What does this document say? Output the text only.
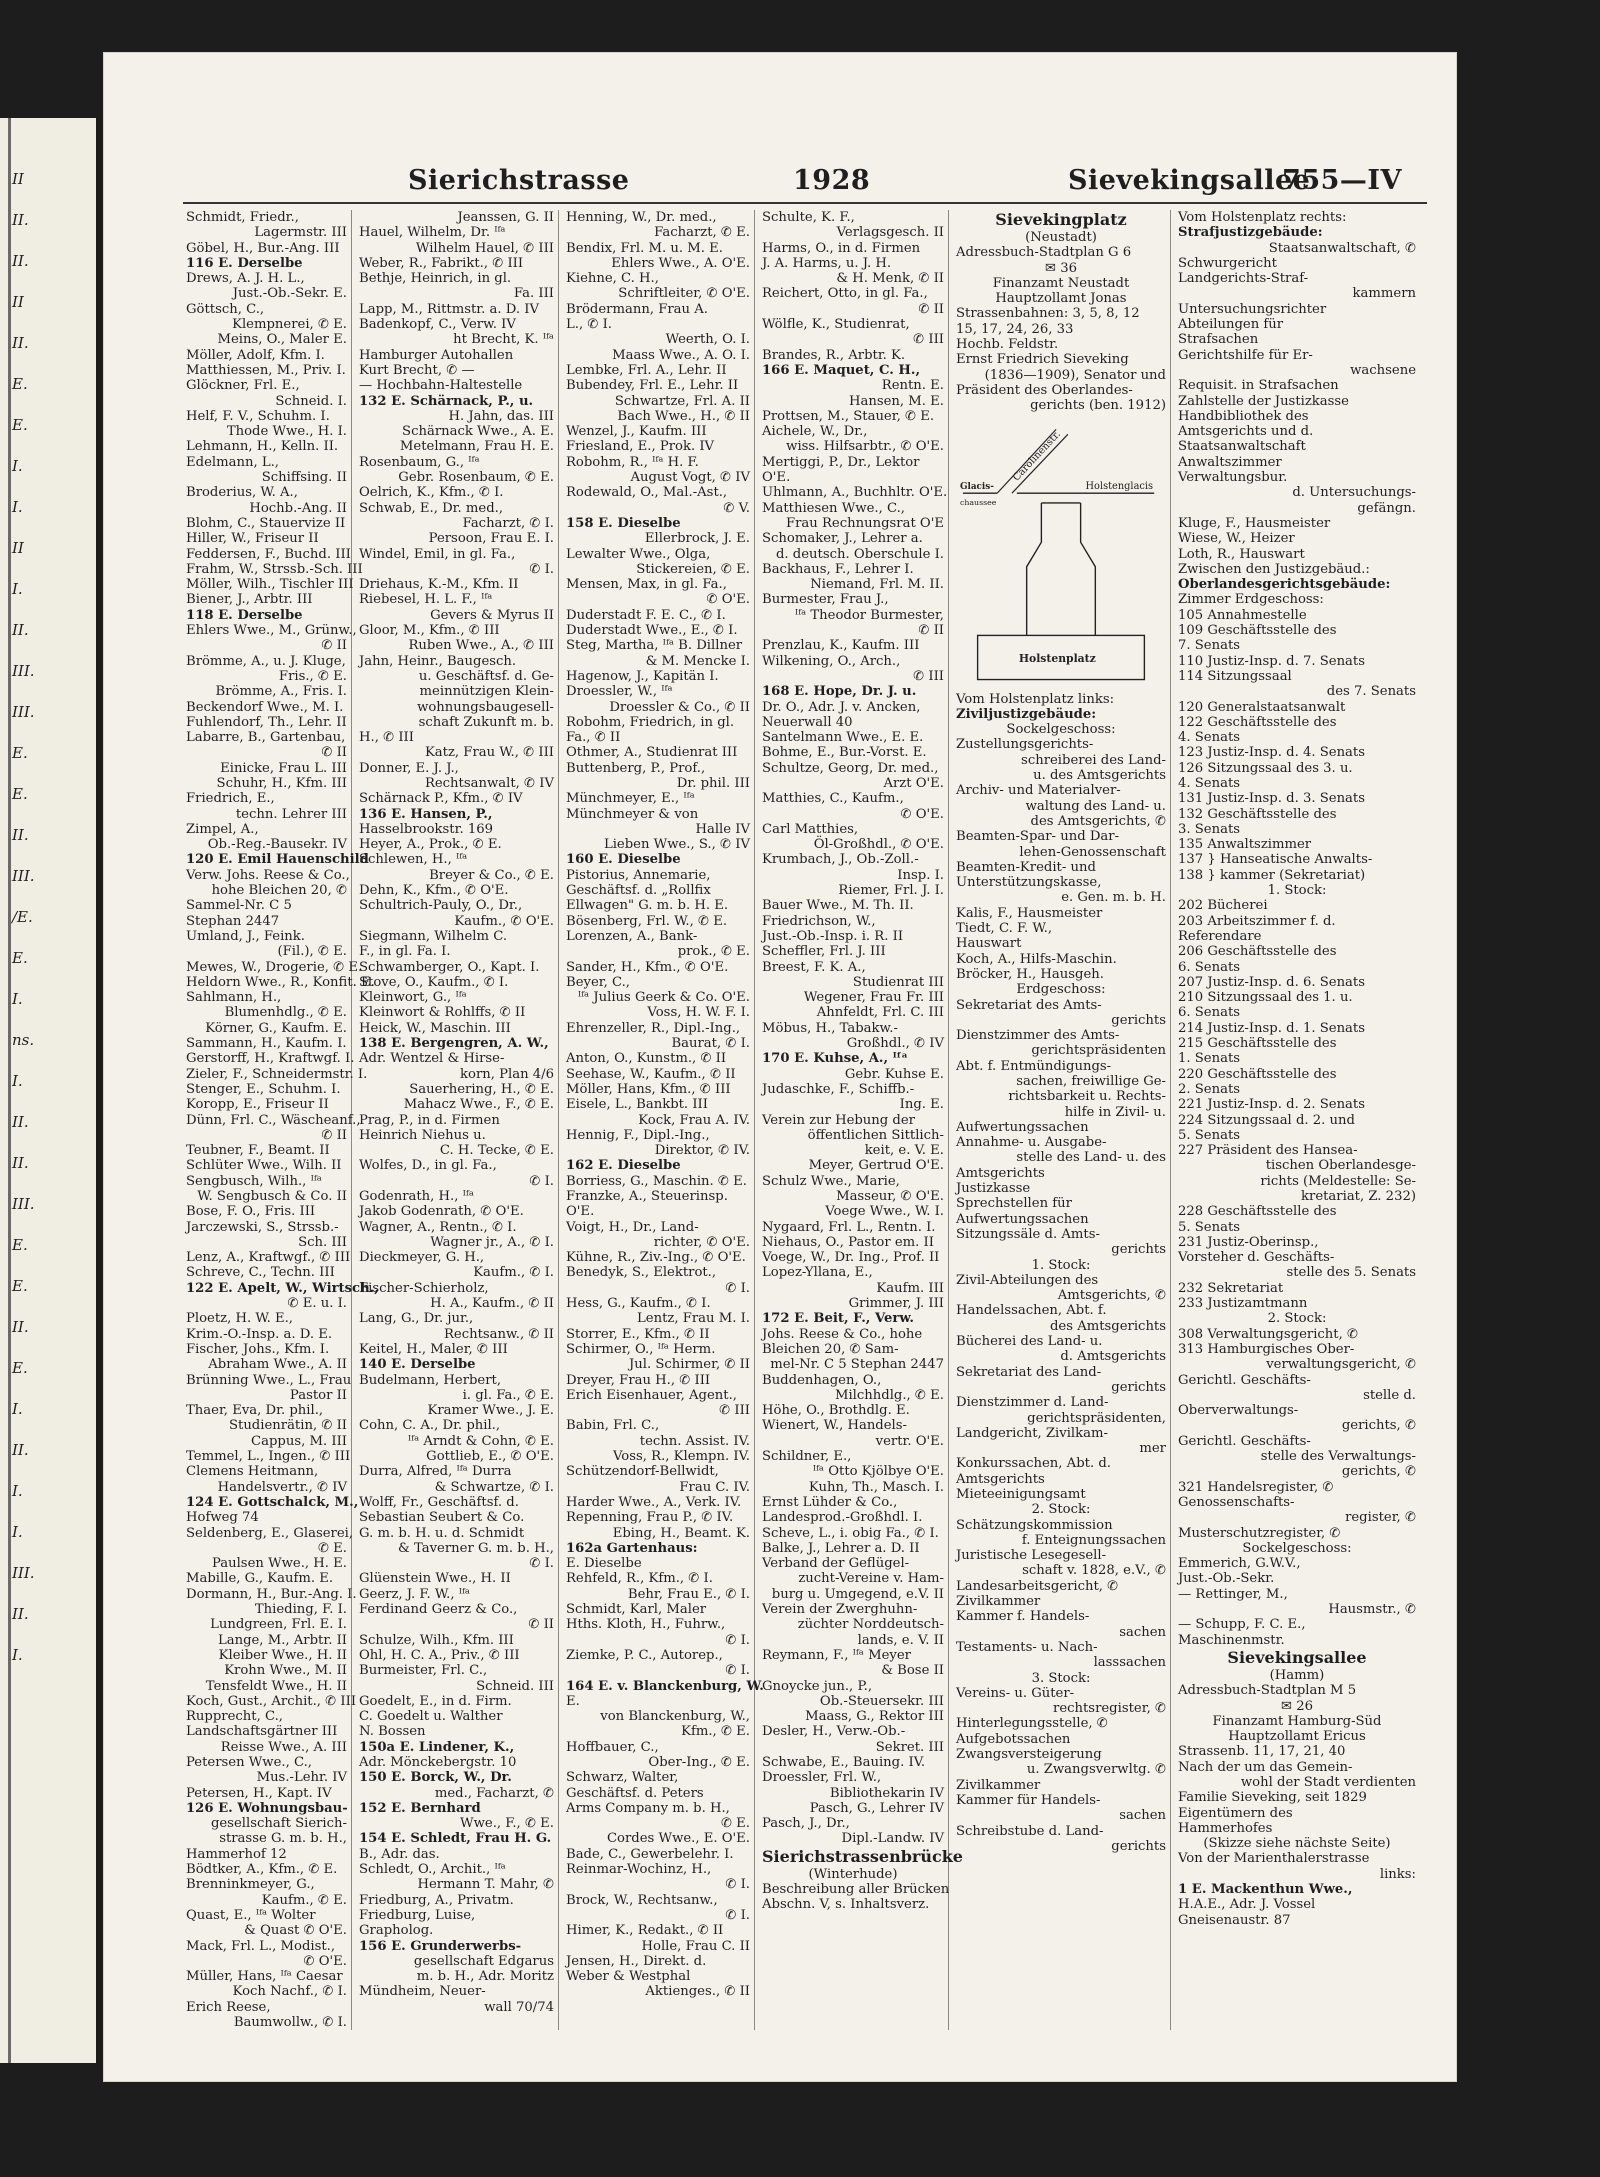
II
II.
II.
II
II.
E.
E.
I.
I.
II
I.
II.
III.
III.
E.
E.
II.
III.
/E.
E.
I.
ns.
I.
II.
II.
III.
E.
E.
II.
E.
I.
II.
I.
I.
III.
II.
I.
Sierichstrasse	1928	Sievekingsallee
755—IV
Schmidt, Friedr.,
Lagermstr. III
Göbel, H., Bur.-Ang. III
116 E. Derselbe
Drews, A. J. H. L.,
Just.-Ob.-Sekr. E.
Göttsch, C.,
Klempnerei, ✆ E.
Meins, O., Maler E.
Möller, Adolf, Kfm. I.
Matthiessen, M., Priv. I.
Glöckner, Frl. E.,
Schneid. I.
Helf, F. V., Schuhm. I.
Thode Wwe., H. I.
Lehmann, H., Kelln. II.
Edelmann, L.,
Schiffsing. II
Broderius, W. A.,
Hochb.-Ang. II
Blohm, C., Stauervize II
Hiller, W., Friseur II
Feddersen, F., Buchd. III
Frahm, W., Strssb.-Sch. III
Möller, Wilh., Tischler III
Biener, J., Arbtr. III
118 E. Derselbe
Ehlers Wwe., M., Grünw.,
✆ II
Brömme, A., u. J. Kluge,
Fris., ✆ E.
Brömme, A., Fris. I.
Beckendorf Wwe., M. I.
Fuhlendorf, Th., Lehr. II
Labarre, B., Gartenbau,
✆ II
Einicke, Frau L. III
Schuhr, H., Kfm. III
Friedrich, E.,
techn. Lehrer III
Zimpel, A.,
Ob.-Reg.-Bausekr. IV
120 E. Emil Hauenschild
Verw. Johs. Reese & Co.,
hohe Bleichen 20, ✆
Sammel-Nr. C 5
Stephan 2447
Umland, J., Feink.
(Fil.), ✆ E.
Mewes, W., Drogerie, ✆ E.
Heldorn Wwe., R., Konfit. E.
Sahlmann, H.,
Blumenhdlg., ✆ E.
Körner, G., Kaufm. E.
Sammann, H., Kaufm. I.
Gerstorff, H., Kraftwgf. I.
Zieler, F., Schneidermstr. I.
Stenger, E., Schuhm. I.
Koropp, E., Friseur II
Dünn, Frl. C., Wäscheanf.,
✆ II
Teubner, F., Beamt. II
Schlüter Wwe., Wilh. II
Sengbusch, Wilh., ᴵᶠᵃ
W. Sengbusch & Co. II
Bose, F. O., Fris. III
Jarczewski, S., Strssb.-
Sch. III
Lenz, A., Kraftwgf., ✆ III
Schreve, C., Techn. III
122 E. Apelt, W., Wirtsch.,
✆ E. u. I.
Ploetz, H. W. E.,
Krim.-O.-Insp. a. D. E.
Fischer, Johs., Kfm. I.
Abraham Wwe., A. II
Brünning Wwe., L., Frau
Pastor II
Thaer, Eva, Dr. phil.,
Studienrätin, ✆ II
Cappus, M. III
Temmel, L., Ingen., ✆ III
Clemens Heitmann,
Handelsvertr., ✆ IV
124 E. Gottschalck, M.,
Hofweg 74
Seldenberg, E., Glaserei,
✆ E.
Paulsen Wwe., H. E.
Mabille, G., Kaufm. E.
Dormann, H., Bur.-Ang. I.
Thieding, F. I.
Lundgreen, Frl. E. I.
Lange, M., Arbtr. II
Kleiber Wwe., H. II
Krohn Wwe., M. II
Tensfeldt Wwe., H. II
Koch, Gust., Archit., ✆ III
Rupprecht, C.,
Landschaftsgärtner III
Reisse Wwe., A. III
Petersen Wwe., C.,
Mus.-Lehr. IV
Petersen, H., Kapt. IV
126 E. Wohnungsbau-
gesellschaft Sierich-
strasse G. m. b. H.,
Hammerhof 12
Bödtker, A., Kfm., ✆ E.
Brenninkmeyer, G.,
Kaufm., ✆ E.
Quast, E., ᴵᶠᵃ Wolter
& Quast ✆ O'E.
Mack, Frl. L., Modist.,
✆ O'E.
Müller, Hans, ᴵᶠᵃ Caesar
Koch Nachf., ✆ I.
Erich Reese,
Baumwollw., ✆ I.
Jeanssen, G. II
Hauel, Wilhelm, Dr. ᴵᶠᵃ
Wilhelm Hauel, ✆ III
Weber, R., Fabrikt., ✆ III
Bethje, Heinrich, in gl.
Fa. III
Lapp, M., Rittmstr. a. D. IV
Badenkopf, C., Verw. IV
ht Brecht, K. ᴵᶠᵃ
Hamburger Autohallen
Kurt Brecht, ✆ —
— Hochbahn-Haltestelle
132 E. Schärnack, P., u.
H. Jahn, das. III
Schärnack Wwe., A. E.
Metelmann, Frau H. E.
Rosenbaum, G., ᴵᶠᵃ
Gebr. Rosenbaum, ✆ E.
Oelrich, K., Kfm., ✆ I.
Schwab, E., Dr. med.,
Facharzt, ✆ I.
Persoon, Frau E. I.
Windel, Emil, in gl. Fa.,
✆ I.
Driehaus, K.-M., Kfm. II
Riebesel, H. L. F., ᴵᶠᵃ
Gevers & Myrus II
Gloor, M., Kfm., ✆ III
Ruben Wwe., A., ✆ III
Jahn, Heinr., Baugesch.
u. Geschäftsf. d. Ge-
meinnützigen Klein-
wohnungsbaugesell-
schaft Zukunft m. b.
H., ✆ III
Katz, Frau W., ✆ III
Donner, E. J. J.,
Rechtsanwalt, ✆ IV
Schärnack P., Kfm., ✆ IV
136 E. Hansen, P.,
Hasselbrookstr. 169
Heyer, A., Prok., ✆ E.
Schlewen, H., ᴵᶠᵃ
Breyer & Co., ✆ E.
Dehn, K., Kfm., ✆ O'E.
Schultrich-Pauly, O., Dr.,
Kaufm., ✆ O'E.
Siegmann, Wilhelm C.
F., in gl. Fa. I.
Schwamberger, O., Kapt. I.
Stove, O., Kaufm., ✆ I.
Kleinwort, G., ᴵᶠᵃ
Kleinwort & Rohlffs, ✆ II
Heick, W., Maschin. III
138 E. Bergengren, A. W.,
Adr. Wentzel & Hirse-
korn, Plan 4/6
Sauerhering, H., ✆ E.
Mahacz Wwe., F., ✆ E.
Prag, P., in d. Firmen
Heinrich Niehus u.
C. H. Tecke, ✆ E.
Wolfes, D., in gl. Fa.,
✆ I.
Godenrath, H., ᴵᶠᵃ
Jakob Godenrath, ✆ O'E.
Wagner, A., Rentn., ✆ I.
Wagner jr., A., ✆ I.
Dieckmeyer, G. H.,
Kaufm., ✆ I.
Fischer-Schierholz,
H. A., Kaufm., ✆ II
Lang, G., Dr. jur.,
Rechtsanw., ✆ II
Keitel, H., Maler, ✆ III
140 E. Derselbe
Budelmann, Herbert,
i. gl. Fa., ✆ E.
Kramer Wwe., J. E.
Cohn, C. A., Dr. phil.,
ᴵᶠᵃ Arndt & Cohn, ✆ E.
Gottlieb, E., ✆ O'E.
Durra, Alfred, ᴵᶠᵃ Durra
& Schwartze, ✆ I.
Wolff, Fr., Geschäftsf. d.
Sebastian Seubert & Co.
G. m. b. H. u. d. Schmidt
& Taverner G. m. b. H.,
✆ I.
Glüenstein Wwe., H. II
Geerz, J. F. W., ᴵᶠᵃ
Ferdinand Geerz & Co.,
✆ II
Schulze, Wilh., Kfm. III
Ohl, H. C. A., Priv., ✆ III
Burmeister, Frl. C.,
Schneid. III
Goedelt, E., in d. Firm.
C. Goedelt u. Walther
N. Bossen
150a E. Lindener, K.,
Adr. Mönckebergstr. 10
150 E. Borck, W., Dr.
med., Facharzt, ✆
152 E. Bernhard
Wwe., F., ✆ E.
154 E. Schledt, Frau H. G.
B., Adr. das.
Schledt, O., Archit., ᴵᶠᵃ
Hermann T. Mahr, ✆
Friedburg, A., Privatm.
Friedburg, Luise,
Grapholog.
156 E. Grunderwerbs-
gesellschaft Edgarus
m. b. H., Adr. Moritz
Mündheim, Neuer-
wall 70/74
Henning, W., Dr. med.,
Facharzt, ✆ E.
Bendix, Frl. M. u. M. E.
Ehlers Wwe., A. O'E.
Kiehne, C. H.,
Schriftleiter, ✆ O'E.
Brödermann, Frau A.
L., ✆ I.
Weerth, O. I.
Maass Wwe., A. O. I.
Lembke, Frl. A., Lehr. II
Bubendey, Frl. E., Lehr. II
Schwartze, Frl. A. II
Bach Wwe., H., ✆ II
Wenzel, J., Kaufm. III
Friesland, E., Prok. IV
Robohm, R., ᴵᶠᵃ H. F.
August Vogt, ✆ IV
Rodewald, O., Mal.-Ast.,
✆ V.
158 E. Dieselbe
Ellerbrock, J. E.
Lewalter Wwe., Olga,
Stickereien, ✆ E.
Mensen, Max, in gl. Fa.,
✆ O'E.
Duderstadt F. E. C., ✆ I.
Duderstadt Wwe., E., ✆ I.
Steg, Martha, ᴵᶠᵃ B. Dillner
& M. Mencke I.
Hagenow, J., Kapitän I.
Droessler, W., ᴵᶠᵃ
Droessler & Co., ✆ II
Robohm, Friedrich, in gl.
Fa., ✆ II
Othmer, A., Studienrat III
Buttenberg, P., Prof.,
Dr. phil. III
Münchmeyer, E., ᴵᶠᵃ
Münchmeyer & von
Halle IV
Lieben Wwe., S., ✆ IV
160 E. Dieselbe
Pistorius, Annemarie,
Geschäftsf. d. „Rollfix
Ellwagen" G. m. b. H. E.
Bösenberg, Frl. W., ✆ E.
Lorenzen, A., Bank-
prok., ✆ E.
Sander, H., Kfm., ✆ O'E.
Beyer, C.,
ᴵᶠᵃ Julius Geerk & Co. O'E.
Voss, H. W. F. I.
Ehrenzeller, R., Dipl.-Ing.,
Baurat, ✆ I.
Anton, O., Kunstm., ✆ II
Seehase, W., Kaufm., ✆ II
Möller, Hans, Kfm., ✆ III
Eisele, L., Bankbt. III
Kock, Frau A. IV.
Hennig, F., Dipl.-Ing.,
Direktor, ✆ IV.
162 E. Dieselbe
Borriess, G., Maschin. ✆ E.
Franzke, A., Steuerinsp.
O'E.
Voigt, H., Dr., Land-
richter, ✆ O'E.
Kühne, R., Ziv.-Ing., ✆ O'E.
Benedyk, S., Elektrot.,
✆ I.
Hess, G., Kaufm., ✆ I.
Lentz, Frau M. I.
Storrer, E., Kfm., ✆ II
Schirmer, O., ᴵᶠᵃ Herm.
Jul. Schirmer, ✆ II
Dreyer, Frau H., ✆ III
Erich Eisenhauer, Agent.,
✆ III
Babin, Frl. C.,
techn. Assist. IV.
Voss, R., Klempn. IV.
Schützendorf-Bellwidt,
Frau C. IV.
Harder Wwe., A., Verk. IV.
Repenning, Frau P., ✆ IV.
Ebing, H., Beamt. K.
162a Gartenhaus:
E. Dieselbe
Rehfeld, R., Kfm., ✆ I.
Behr, Frau E., ✆ I.
Schmidt, Karl, Maler
Hths. Kloth, H., Fuhrw.,
✆ I.
Ziemke, P. C., Autorep.,
✆ I.
164 E. v. Blanckenburg, W.
E.
von Blanckenburg, W.,
Kfm., ✆ E.
Hoffbauer, C.,
Ober-Ing., ✆ E.
Schwarz, Walter,
Geschäftsf. d. Peters
Arms Company m. b. H.,
✆ E.
Cordes Wwe., E. O'E.
Bade, C., Gewerbelehr. I.
Reinmar-Wochinz, H.,
✆ I.
Brock, W., Rechtsanw.,
✆ I.
Himer, K., Redakt., ✆ II
Holle, Frau C. II
Jensen, H., Direkt. d.
Weber & Westphal
Aktienges., ✆ II
Schulte, K. F.,
Verlagsgesch. II
Harms, O., in d. Firmen
J. A. Harms, u. J. H.
& H. Menk, ✆ II
Reichert, Otto, in gl. Fa.,
✆ II
Wölfle, K., Studienrat,
✆ III
Brandes, R., Arbtr. K.
166 E. Maquet, C. H.,
Rentn. E.
Hansen, M. E.
Prottsen, M., Stauer, ✆ E.
Aichele, W., Dr.,
wiss. Hilfsarbtr., ✆ O'E.
Mertiggi, P., Dr., Lektor
O'E.
Uhlmann, A., Buchhltr. O'E.
Matthiesen Wwe., C.,
Frau Rechnungsrat O'E
Schomaker, J., Lehrer a.
d. deutsch. Oberschule I.
Backhaus, F., Lehrer I.
Niemand, Frl. M. II.
Burmester, Frau J.,
ᴵᶠᵃ Theodor Burmester,
✆ II
Prenzlau, K., Kaufm. III
Wilkening, O., Arch.,
✆ III
168 E. Hope, Dr. J. u.
Dr. O., Adr. J. v. Ancken,
Neuerwall 40
Santelmann Wwe., E. E.
Bohme, E., Bur.-Vorst. E.
Schultze, Georg, Dr. med.,
Arzt O'E.
Matthies, C., Kaufm.,
✆ O'E.
Carl Matthies,
Öl-Großhdl., ✆ O'E.
Krumbach, J., Ob.-Zoll.-
Insp. I.
Riemer, Frl. J. I.
Bauer Wwe., M. Th. II.
Friedrichson, W.,
Just.-Ob.-Insp. i. R. II
Scheffler, Frl. J. III
Breest, F. K. A.,
Studienrat III
Wegener, Frau Fr. III
Ahnfeldt, Frl. C. III
Möbus, H., Tabakw.-
Großhdl., ✆ IV
170 E. Kuhse, A., ᴵᶠᵃ
Gebr. Kuhse E.
Judaschke, F., Schiffb.-
Ing. E.
Verein zur Hebung der
öffentlichen Sittlich-
keit, e. V. E.
Meyer, Gertrud O'E.
Schulz Wwe., Marie,
Masseur, ✆ O'E.
Voege Wwe., W. I.
Nygaard, Frl. L., Rentn. I.
Niehaus, O., Pastor em. II
Voege, W., Dr. Ing., Prof. II
Lopez-Yllana, E.,
Kaufm. III
Grimmer, J. III
172 E. Beit, F., Verw.
Johs. Reese & Co., hohe
Bleichen 20, ✆ Sam-
mel-Nr. C 5 Stephan 2447
Buddenhagen, O.,
Milchhdlg., ✆ E.
Höhe, O., Brothdlg. E.
Wienert, W., Handels-
vertr. O'E.
Schildner, E.,
ᴵᶠᵃ Otto Kjölbye O'E.
Kuhn, Th., Masch. I.
Ernst Lühder & Co.,
Landesprod.-Großhdl. I.
Scheve, L., i. obig Fa., ✆ I.
Balke, J., Lehrer a. D. II
Verband der Geflügel-
zucht-Vereine v. Ham-
burg u. Umgegend, e.V. II
Verein der Zwerghuhn-
züchter Norddeutsch-
lands, e. V. II
Reymann, F., ᴵᶠᵃ Meyer
& Bose II
Gnoycke jun., P.,
Ob.-Steuersekr. III
Maass, G., Rektor III
Desler, H., Verw.-Ob.-
Sekret. III
Schwabe, E., Bauing. IV.
Droessler, Frl. W.,
Bibliothekarin IV
Pasch, G., Lehrer IV
Pasch, J., Dr.,
Dipl.-Landw. IV
Sierichstrassenbrücke
(Winterhude)
Beschreibung aller Brücken
Abschn. V, s. Inhaltsverz.
Sievekingplatz
(Neustadt)
Adressbuch-Stadtplan G 6
✉ 36
Finanzamt Neustadt
Hauptzollamt Jonas
Strassenbahnen: 3, 5, 8, 12
15, 17, 24, 26, 33
Hochb. Feldstr.
Ernst Friedrich Sieveking
(1836—1909), Senator und
Präsident des Oberlandes-
gerichts (ben. 1912)
Carolinenstr.
Glacis-
chaussee
Holstenglacis
Holstenplatz
Vom Holstenplatz links:
Ziviljustizgebäude:
Sockelgeschoss:
Zustellungsgerichts-
schreiberei des Land-
u. des Amtsgerichts
Archiv- und Materialver-
waltung des Land- u.
des Amtsgerichts, ✆
Beamten-Spar- und Dar-
lehen-Genossenschaft
Beamten-Kredit- und
Unterstützungskasse,
e. Gen. m. b. H.
Kalis, F., Hausmeister
Tiedt, C. F. W.,
Hauswart
Koch, A., Hilfs-Maschin.
Bröcker, H., Hausgeh.
Erdgeschoss:
Sekretariat des Amts-
gerichts
Dienstzimmer des Amts-
gerichtspräsidenten
Abt. f. Entmündigungs-
sachen, freiwillige Ge-
richtsbarkeit u. Rechts-
hilfe in Zivil- u.
Aufwertungssachen
Annahme- u. Ausgabe-
stelle des Land- u. des
Amtsgerichts
Justizkasse
Sprechstellen für
Aufwertungssachen
Sitzungssäle d. Amts-
gerichts
1. Stock:
Zivil-Abteilungen des
Amtsgerichts, ✆
Handelssachen, Abt. f.
des Amtsgerichts
Bücherei des Land- u.
d. Amtsgerichts
Sekretariat des Land-
gerichts
Dienstzimmer d. Land-
gerichtspräsidenten,
Landgericht, Zivilkam-
mer
Konkurssachen, Abt. d.
Amtsgerichts
Mieteeinigungsamt
2. Stock:
Schätzungskommission
f. Enteignungssachen
Juristische Lesegesell-
schaft v. 1828, e.V., ✆
Landesarbeitsgericht, ✆
Zivilkammer
Kammer f. Handels-
sachen
Testaments- u. Nach-
lasssachen
3. Stock:
Vereins- u. Güter-
rechtsregister, ✆
Hinterlegungsstelle, ✆
Aufgebotssachen
Zwangsversteigerung
u. Zwangsverwltg. ✆
Zivilkammer
Kammer für Handels-
sachen
Schreibstube d. Land-
gerichts
Vom Holstenplatz rechts:
Strafjustizgebäude:
Staatsanwaltschaft, ✆
Schwurgericht
Landgerichts-Straf-
kammern
Untersuchungsrichter
Abteilungen für
Strafsachen
Gerichtshilfe für Er-
wachsene
Requisit. in Strafsachen
Zahlstelle der Justizkasse
Handbibliothek des
Amtsgerichts und d.
Staatsanwaltschaft
Anwaltszimmer
Verwaltungsbur.
d. Untersuchungs-
gefängn.
Kluge, F., Hausmeister
Wiese, W., Heizer
Loth, R., Hauswart
Zwischen den Justizgebäud.:
Oberlandesgerichtsgebäude:
Zimmer Erdgeschoss:
105 Annahmestelle
109 Geschäftsstelle des
7. Senats
110 Justiz-Insp. d. 7. Senats
114 Sitzungssaal
des 7. Senats
120 Generalstaatsanwalt
122 Geschäftsstelle des
4. Senats
123 Justiz-Insp. d. 4. Senats
126 Sitzungssaal des 3. u.
4. Senats
131 Justiz-Insp. d. 3. Senats
132 Geschäftsstelle des
3. Senats
135 Anwaltszimmer
137 } Hanseatische Anwalts-
138 } kammer (Sekretariat)
1. Stock:
202 Bücherei
203 Arbeitszimmer f. d.
Referendare
206 Geschäftsstelle des
6. Senats
207 Justiz-Insp. d. 6. Senats
210 Sitzungssaal des 1. u.
6. Senats
214 Justiz-Insp. d. 1. Senats
215 Geschäftsstelle des
1. Senats
220 Geschäftsstelle des
2. Senats
221 Justiz-Insp. d. 2. Senats
224 Sitzungssaal d. 2. und
5. Senats
227 Präsident des Hansea-
tischen Oberlandesge-
richts (Meldestelle: Se-
kretariat, Z. 232)
228 Geschäftsstelle des
5. Senats
231 Justiz-Oberinsp.,
Vorsteher d. Geschäfts-
stelle des 5. Senats
232 Sekretariat
233 Justizamtmann
2. Stock:
308 Verwaltungsgericht, ✆
313 Hamburgisches Ober-
verwaltungsgericht, ✆
Gerichtl. Geschäfts-
stelle d.
Oberverwaltungs-
gerichts, ✆
Gerichtl. Geschäfts-
stelle des Verwaltungs-
gerichts, ✆
321 Handelsregister, ✆
Genossenschafts-
register, ✆
Musterschutzregister, ✆
Sockelgeschoss:
Emmerich, G.W.V.,
Just.-Ob.-Sekr.
— Rettinger, M.,
Hausmstr., ✆
— Schupp, F. C. E.,
Maschinenmstr.
Sievekingsallee
(Hamm)
Adressbuch-Stadtplan M 5
✉ 26
Finanzamt Hamburg-Süd
Hauptzollamt Ericus
Strassenb. 11, 17, 21, 40
Nach der um das Gemein-
wohl der Stadt verdienten
Familie Sieveking, seit 1829
Eigentümern des
Hammerhofes
(Skizze siehe nächste Seite)
Von der Marienthalerstrasse
links:
1 E. Mackenthun Wwe.,
H.A.E., Adr. J. Vossel
Gneisenaustr. 87
